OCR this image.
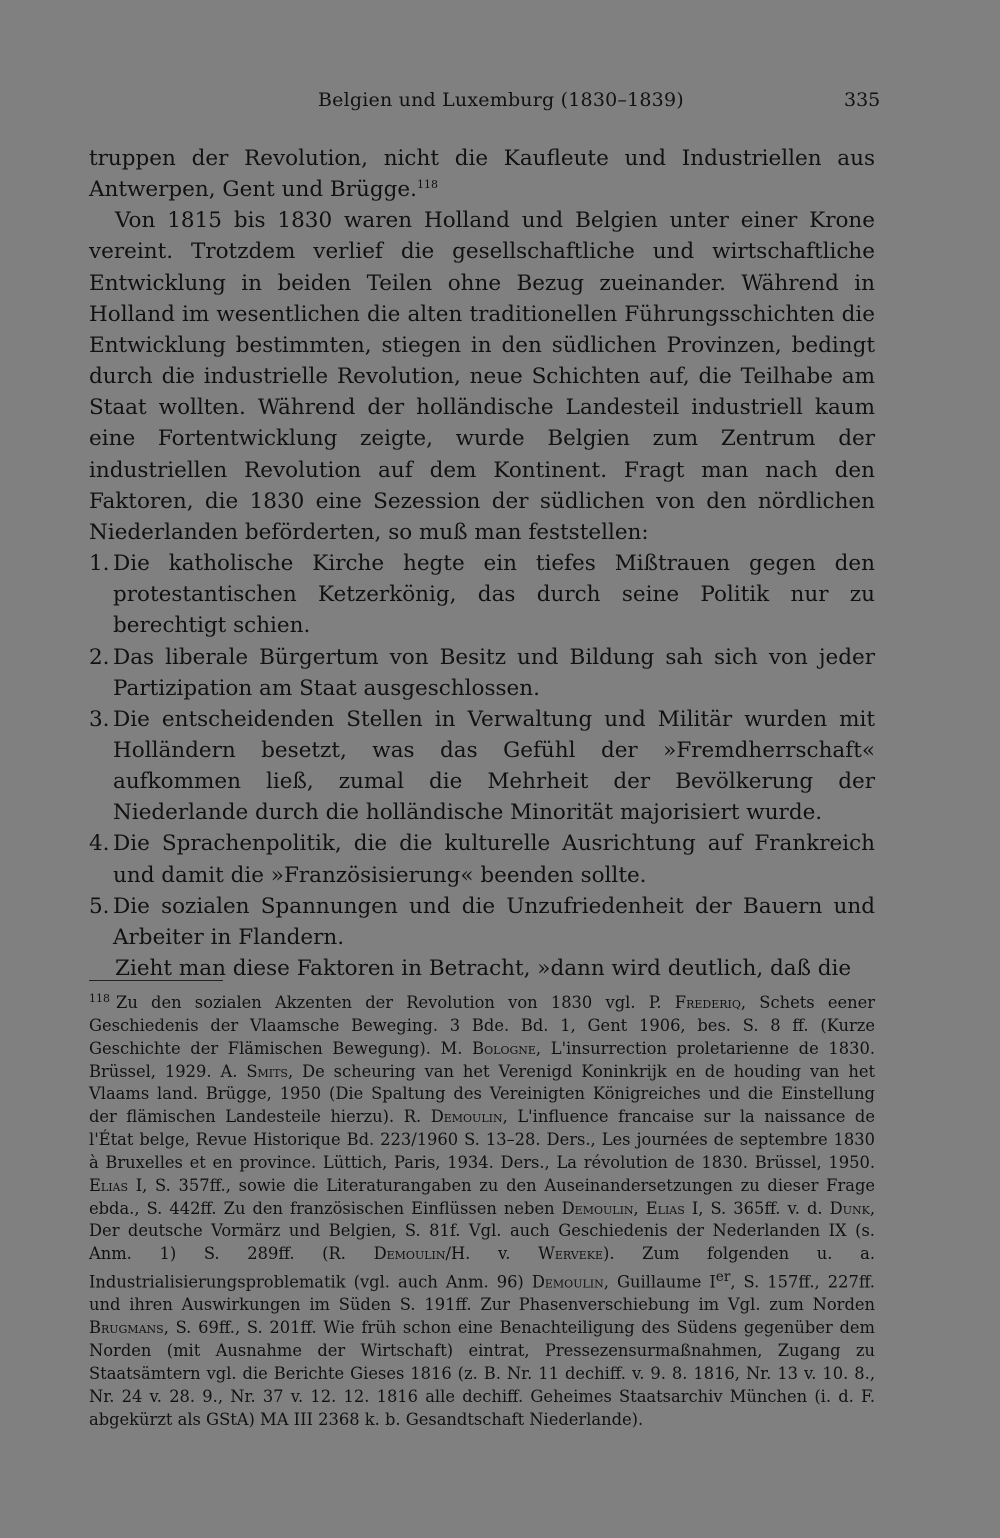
Belgien und Luxemburg (1830–1839)	335

truppen der Revolution, nicht die Kaufleute und Industriellen aus Antwerpen, Gent und Brügge.$^{118}$

Von 1815 bis 1830 waren Holland und Belgien unter einer Krone vereint. Trotzdem verlief die gesellschaftliche und wirtschaftliche Entwicklung in beiden Teilen ohne Bezug zueinander. Während in Holland im wesentlichen die alten traditionellen Führungsschichten die Entwicklung bestimmten, stiegen in den südlichen Provinzen, bedingt durch die industrielle Revolution, neue Schichten auf, die Teilhabe am Staat wollten. Während der holländische Landesteil industriell kaum eine Fortentwicklung zeigte, wurde Belgien zum Zentrum der industriellen Revolution auf dem Kontinent. Fragt man nach den Faktoren, die 1830 eine Sezession der südlichen von den nördlichen Niederlanden beförderten, so muß man feststellen:

1. Die katholische Kirche hegte ein tiefes Mißtrauen gegen den protestantischen Ketzerkönig, das durch seine Politik nur zu berechtigt schien.
2. Das liberale Bürgertum von Besitz und Bildung sah sich von jeder Partizipation am Staat ausgeschlossen.
3. Die entscheidenden Stellen in Verwaltung und Militär wurden mit Holländern besetzt, was das Gefühl der »Fremdherrschaft« aufkommen ließ, zumal die Mehrheit der Bevölkerung der Niederlande durch die holländische Minorität majorisiert wurde.
4. Die Sprachenpolitik, die die kulturelle Ausrichtung auf Frankreich und damit die »Französisierung« beenden sollte.
5. Die sozialen Spannungen und die Unzufriedenheit der Bauern und Arbeiter in Flandern.

Zieht man diese Faktoren in Betracht, »dann wird deutlich, daß die

$^{118}$ Zu den sozialen Akzenten der Revolution von 1830 vgl. P. Frederiq, Schets eener Geschiedenis der Vlaamsche Beweging. 3 Bde. Bd. 1, Gent 1906, bes. S. 8 ff. (Kurze Geschichte der Flämischen Bewegung). M. Bologne, L'insurrection proletarienne de 1830. Brüssel, 1929. A. Smits, De scheuring van het Verenigd Koninkrijk en de houding van het Vlaams land. Brügge, 1950 (Die Spaltung des Vereinigten Königreiches und die Einstellung der flämischen Landesteile hierzu). R. Demoulin, L'influence francaise sur la naissance de l'État belge, Revue Historique Bd. 223/1960 S. 13–28. Ders., Les journées de septembre 1830 à Bruxelles et en province. Lüttich, Paris, 1934. Ders., La révolution de 1830. Brüssel, 1950. Elias I, S. 357ff., sowie die Literaturangaben zu den Auseinandersetzungen zu dieser Frage ebda., S. 442ff. Zu den französischen Einflüssen neben Demoulin, Elias I, S. 365ff. v. d. Dunk, Der deutsche Vormärz und Belgien, S. 81f. Vgl. auch Geschiedenis der Nederlanden IX (s. Anm. 1) S. 289ff. (R. Demoulin/H. v. Werveke). Zum folgenden u. a. Industrialisierungsproblematik (vgl. auch Anm. 96) Demoulin, Guillaume Ier, S. 157ff., 227ff. und ihren Auswirkungen im Süden S. 191ff. Zur Phasenverschiebung im Vgl. zum Norden Brugmans, S. 69ff., S. 201ff. Wie früh schon eine Benachteiligung des Südens gegenüber dem Norden (mit Ausnahme der Wirtschaft) eintrat, Pressezensurmaßnahmen, Zugang zu Staatsämtern vgl. die Berichte Gieses 1816 (z. B. Nr. 11 dechiff. v. 9. 8. 1816, Nr. 13 v. 10. 8., Nr. 24 v. 28. 9., Nr. 37 v. 12. 12. 1816 alle dechiff. Geheimes Staatsarchiv München (i. d. F. abgekürzt als GStA) MA III 2368 k. b. Gesandtschaft Niederlande).
